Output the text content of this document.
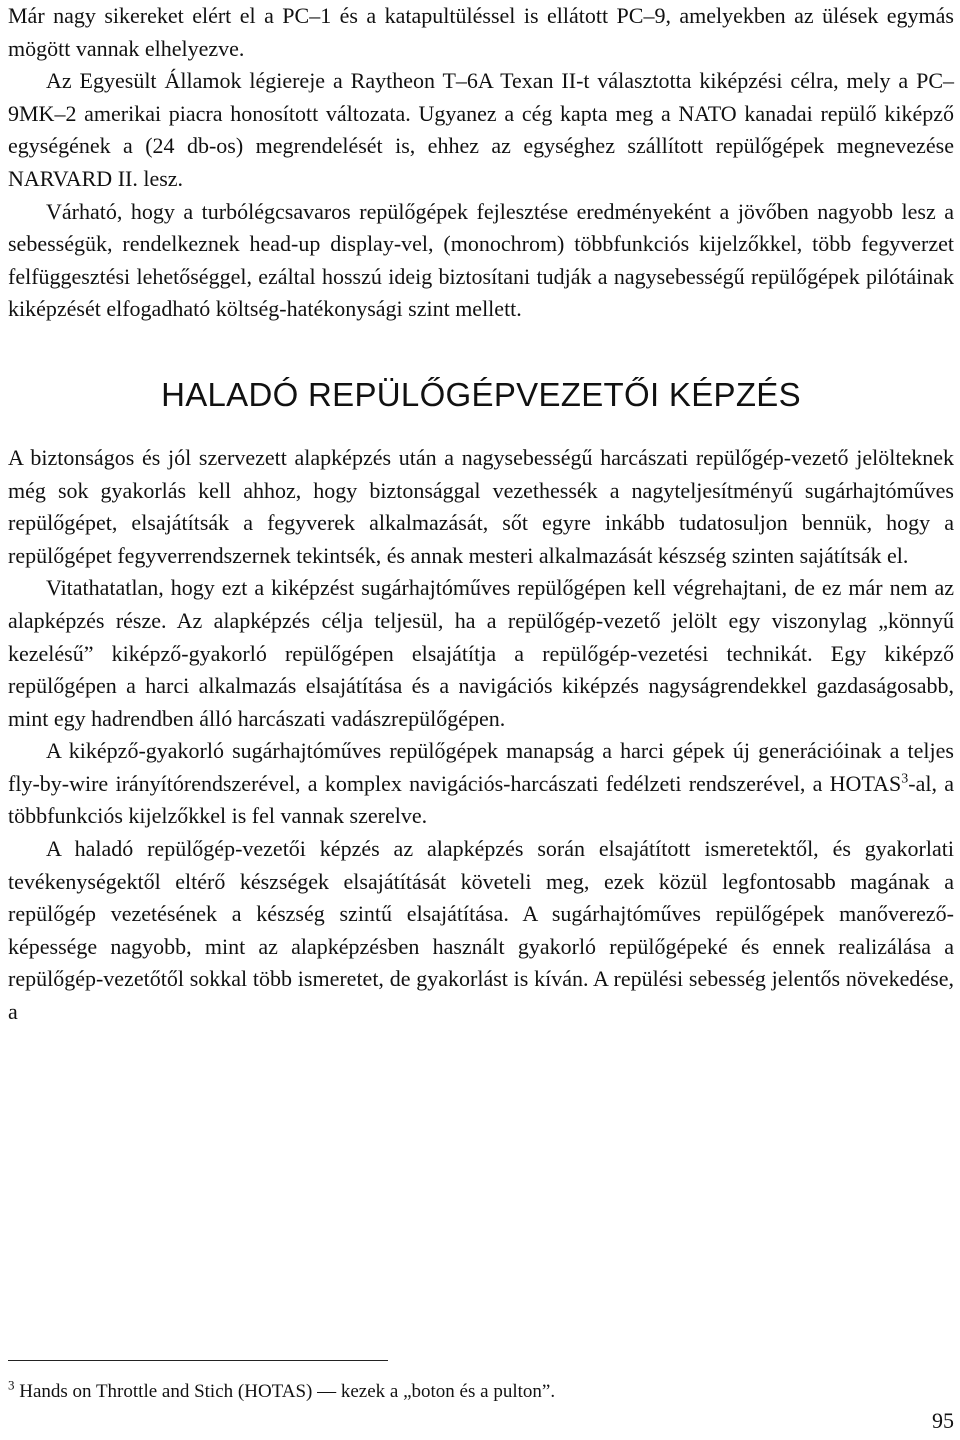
Már nagy sikereket elért el a PC–1 és a katapultüléssel is ellátott PC–9, amelyekben az ülések egymás mögött vannak elhelyezve.

Az Egyesült Államok légiereje a Raytheon T–6A Texan II-t választotta kiképzési célra, mely a PC–9MK–2 amerikai piacra honosított változata. Ugyanez a cég kapta meg a NATO kanadai repülő kiképző egységének a (24 db-os) megrendelését is, ehhez az egységhez szállított repülőgépek megnevezése NARVARD II. lesz.

Várható, hogy a turbólégcsavaros repülőgépek fejlesztése eredményeként a jövőben nagyobb lesz a sebességük, rendelkeznek head-up display-vel, (monochrom) többfunkciós kijelzőkkel, több fegyverzet felfüggesztési lehetőséggel, ezáltal hosszú ideig biztosítani tudják a nagysebességű repülőgépek pilótáinak kiképzését elfogadható költség-hatékonysági szint mellett.

HALADÓ REPÜLŐGÉPVEZETŐI KÉPZÉS

A biztonságos és jól szervezett alapképzés után a nagysebességű harcászati repülőgép-vezető jelölteknek még sok gyakorlás kell ahhoz, hogy biztonsággal vezethessék a nagyteljesítményű sugárhajtóműves repülőgépet, elsajátítsák a fegyverek alkalmazását, sőt egyre inkább tudatosuljon bennük, hogy a repülőgépet fegyverrendszernek tekintsék, és annak mesteri alkalmazását készség szinten sajátítsák el.

Vitathatatlan, hogy ezt a kiképzést sugárhajtóműves repülőgépen kell végrehajtani, de ez már nem az alapképzés része. Az alapképzés célja teljesül, ha a repülőgép-vezető jelölt egy viszonylag „könnyű kezelésű” kiképző-gyakorló repülőgépen elsajátítja a repülőgép-vezetési technikát. Egy kiképző repülőgépen a harci alkalmazás elsajátítása és a navigációs kiképzés nagyságrendekkel gazdaságosabb, mint egy hadrendben álló harcászati vadászrepülőgépen.

A kiképző-gyakorló sugárhajtóműves repülőgépek manapság a harci gépek új generációinak a teljes fly-by-wire irányítórendszerével, a komplex navigációs-harcászati fedélzeti rendszerével, a HOTAS$^3$-al, a többfunkciós kijelzőkkel is fel vannak szerelve.

A haladó repülőgép-vezetői képzés az alapképzés során elsajátított ismeretektől, és gyakorlati tevékenységektől eltérő készségek elsajátítását követeli meg, ezek közül legfontosabb magának a repülőgép vezetésének a készség szintű elsajátítása. A sugárhajtóműves repülőgépek manőverező-képessége nagyobb, mint az alapképzésben használt gyakorló repülőgépeké és ennek realizálása a repülőgép-vezetőtől sokkal több ismeretet, de gyakorlást is kíván. A repülési sebesség jelentős növekedése, a

$^3$ Hands on Throttle and Stich (HOTAS) — kezek a „boton és a pulton”.
95
